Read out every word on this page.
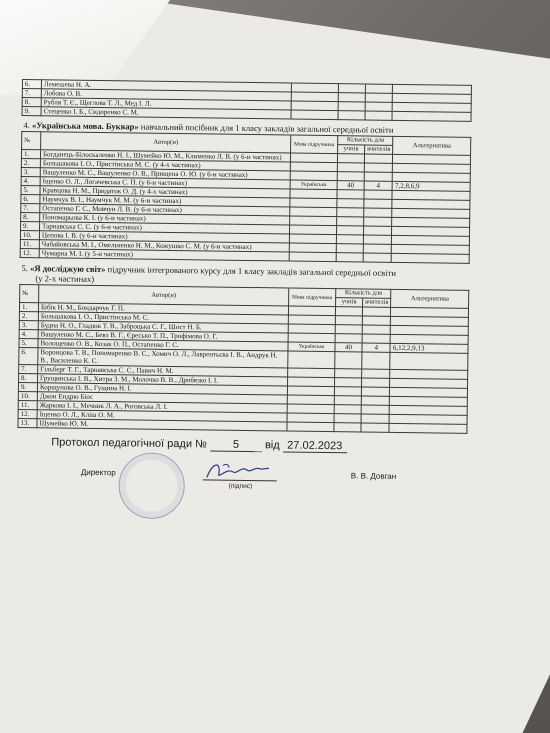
6.	Лемешева Н. А.				
7.	Лобова О. В.				
8.	Рубля Т. Є., Щеглова Т. Л., Мед І. Л.				
9.	Стеценко І. Б., Сидоренко С. М.				
4. «Українська мова. Буквар» навчальний посібник для 1 класу закладів загальної середньої освіти
№	Автор(и)	Мова підручника	Кількість для		Альтернатива
			учнів	вчителів	
1.	Богданець-Білоскаленко Н. І., Шумейко Ю. М., Клименко Л. В. (у 6-и частинах)				
2.	Большакова І. О., Пристінська М. С. (у 4-х частинах)				
3.	Вашуленко М. С., Вашуленко О. В., Прищепа О. Ю. (у 6-и частинах)				
4.	Іщенко О. Л., Логачевська С. П. (у 6-и частинах)	Українська	40	4	7,2,8,6,9
5.	Кравцова Н. М., Придаток О. Д. (у 4-х частинах)				
6.	Наумчук В. І., Наумчук М. М. (у 6-и частинах)				
7.	Остапенко Г. С., Мовчун Л. В. (у 6-и частинах)				
8.	Пономарьова К. І. (у 6-и частинах)				
9.	Тарнавська С. С. (у 6-и частинах)				
10.	Цепова І. В. (у 6-и частинах)				
11.	Чабайовська М. І., Омельченко Н. М., Кожушко С. М. (у 6-и частинах)				
12.	Чумарна М. І. (у 5-и частинах)				
5. «Я досліджую світ» підручник інтегрованого курсу для 1 класу закладів загальної середньої освіти
(у 2-х частинах)
№	Автор(и)	Мова підручника	Кількість для		Альтернатива
			учнів	вчителів	
1.	Бібік Н. М., Бондарчук Г. П.				
2.	Большакова І. О., Пристінська М. С.				
3.	Будна Н. О., Гладюк Т. В., Заброцька С. Г., Шост Н. Б.				
4.	Вашуленко М. С., Бевз В. Г., Єресько Т. П., Трофімова О. Г.				
5.	Волощенко О. В., Козак О. П., Остапенко Г. С.	Українська	40	4	6,12,2,9,13
6.	Воронцова Т. В., Пономаренко В. С., Хомич О. Л., Лаврентьєва І. В., Андрук Н. В., Василенко К. С.				
7.	Гільберг Т. Г., Тарнавська С. С., Павич Н. М.				
8.	Грущинська І. В., Хитра З. М., Молочко В. В., Дробязко І. І.				
9.	Корщунова О. В., Гущина Н. І.				
10.	Джон Ендрю Біос				
11.	Жаркова І. І., Мечник Л. А., Роговська Л. І.				
12.	Іщенко О. Л., Кліш О. М.				
13.	Шумейко Ю. М.				
Протокол педагогічної ради № 5 від 27.02.2023
Директор
(підпис)
В. В. Довган
